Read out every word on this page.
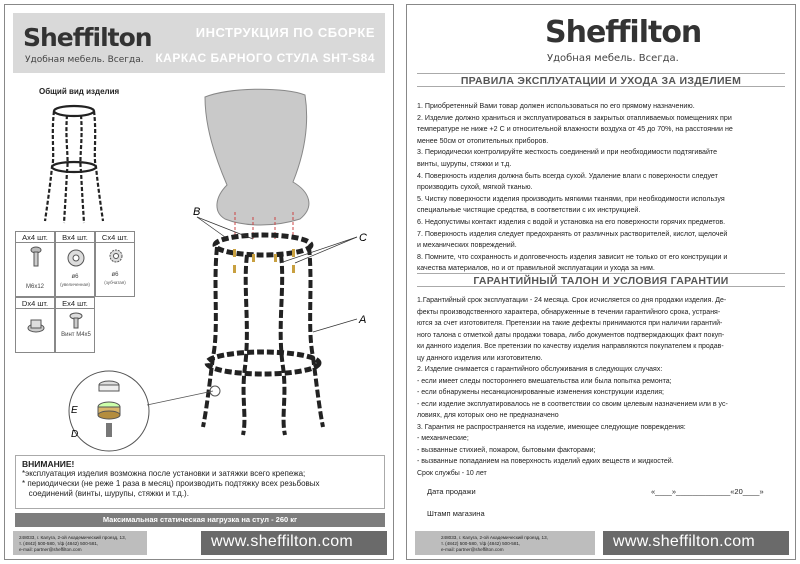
Sheffilton
Удобная мебель. Всегда.
ИНСТРУКЦИЯ ПО СБОРКЕ
КАРКАС БАРНОГО СТУЛА SHT-S84
Общий вид изделия
Ax4 шт.
M6x12
Bx4 шт.
ø6
(увеличенная)
Cx4 шт.
ø6
(зубчатая)
Dx4 шт.	Ex4 шт.
Винт M4x5
B
C
A
E
D
ВНИМАНИЕ!
*эксплуатация изделия возможна после установки и затяжки всего крепежа;
* периодически (не реже 1 раза в месяц) производить подтяжку всех резьбовых
соединений (винты, шурупы, стяжки и т.д.).
Максимальная статическая нагрузка на стул - 260 кг
248033, г. Калуга, 2-ой Академический проезд, 13,
т. (4842) 500-580, т/ф (4842) 500-581,
e-mail: partner@sheffilton.com	www.sheffilton.com
Sheffilton
Удобная мебель. Всегда.
ПРАВИЛА ЭКСПЛУАТАЦИИ И УХОДА ЗА ИЗДЕЛИЕМ
1. Приобретенный Вами товар должен использоваться по его прямому назначению.
2. Изделие должно храниться и эксплуатироваться в закрытых отапливаемых помещениях при
температуре не ниже +2 С и относительной влажности воздуха от 45 до 70%, на расстоянии не
менее 50см от отопительных приборов.
3. Периодически контролируйте жесткость соединений и при необходимости подтягивайте
винты, шурупы, стяжки и т.д.
4. Поверхность изделия должна быть всегда сухой. Удаление влаги с поверхности следует
производить сухой, мягкой тканью.
5. Чистку поверхности изделия производить мягкими тканями, при необходимости используя
специальные чистящие средства, в соответствии с их инструкцией.
6. Недопустимы контакт изделия с водой и установка на его поверхности горячих предметов.
7. Поверхность изделия следует предохранять от различных растворителей, кислот, щелочей
и механических повреждений.
8. Помните, что сохранность и долговечность изделия зависит не только от его конструкции и
качества материалов, но и от правильной эксплуатации и ухода за ним.
ГАРАНТИЙНЫЙ ТАЛОН И УСЛОВИЯ ГАРАНТИИ
1.Гарантийный срок эксплуатации - 24 месяца. Срок исчисляется со дня продажи изделия. Де-
фекты производственного характера, обнаруженные в течении гарантийного срока, устраня-
ются за счет изготовителя. Претензии на такие дефекты принимаются при наличии гарантий-
ного талона с отметкой даты продажи товара, либо документов подтверждающих факт покуп-
ки данного изделия. Все претензии по качеству изделия направляются покупателем к продав-
цу данного изделия или изготовителю.
2. Изделие снимается с гарантийного обслуживания в следующих случаях:
- если имеет следы постороннего вмешательства или была попытка ремонта;
- если обнаружены несанкционированные изменения конструкции изделия;
- если изделие эксплуатировалось не в соответствии со своим целевым назначением или в ус-
ловиях, для которых оно не предназначено
3. Гарантия не распространяется на изделие, имеющее следующие повреждения:
- механические;
- вызванные стихией, пожаром, бытовыми факторами;
- вызванные попаданием на поверхность изделий едких веществ и жидкостей.
Срок службы - 10 лет
Дата продажи	«____»_____________«20____»
Штамп магазина
248033, г. Калуга, 2-ой Академический проезд, 13,
т. (4842) 500-580, т/ф (4842) 500-581,
e-mail: partner@sheffilton.com	www.sheffilton.com
